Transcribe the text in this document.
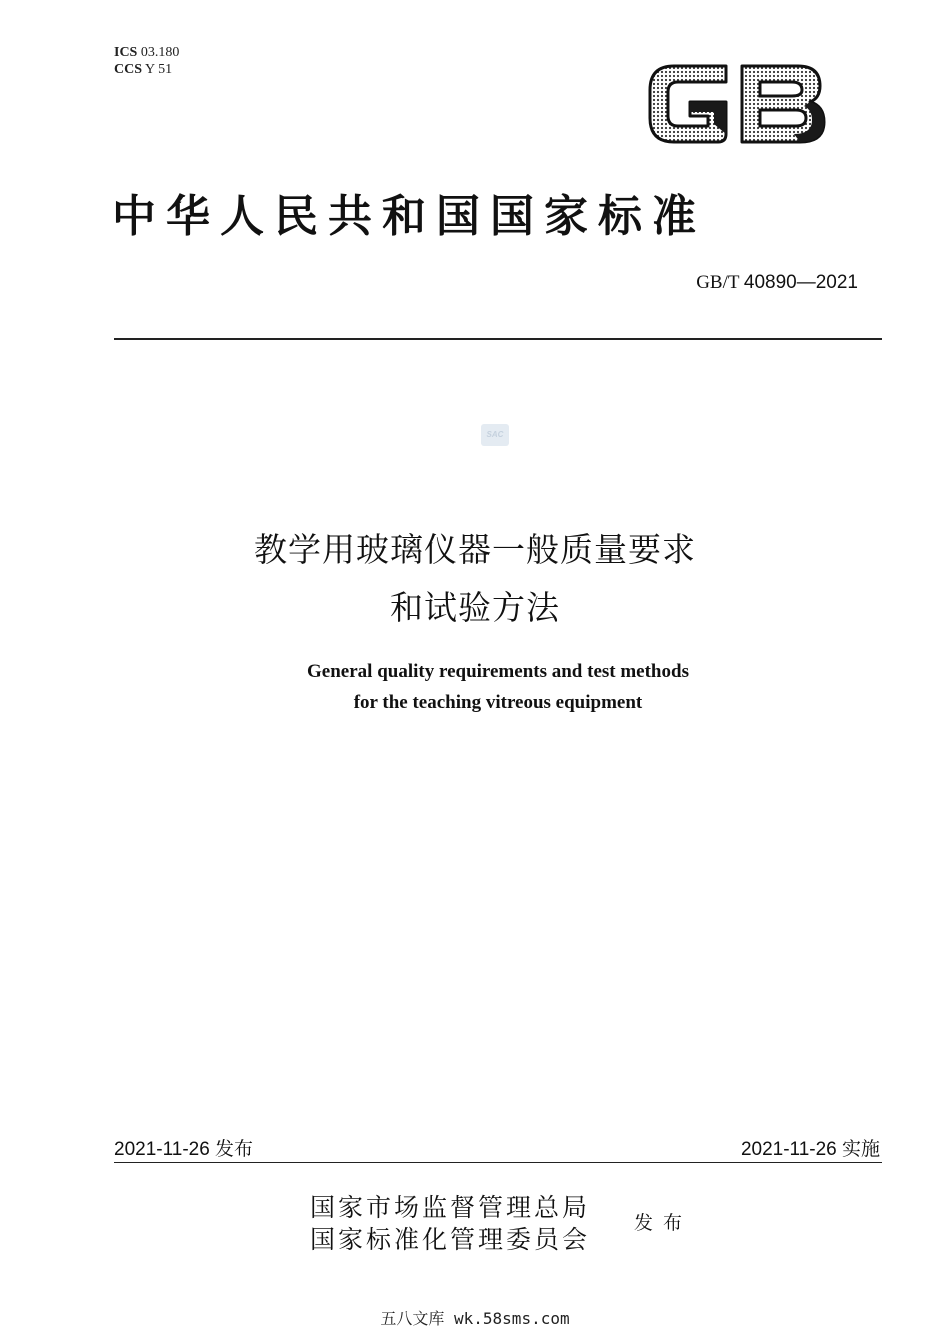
ICS 03.180
CCS Y 51
中华人民共和国国家标准
GB/T 40890—2021
SAC
教学用玻璃仪器一般质量要求
和试验方法
General quality requirements and test methods
for the teaching vitreous equipment
2021-11-26 发布	2021-11-26 实施
国家市场监督管理总局
国家标准化管理委员会
发布
五八文库 wk.58sms.com
